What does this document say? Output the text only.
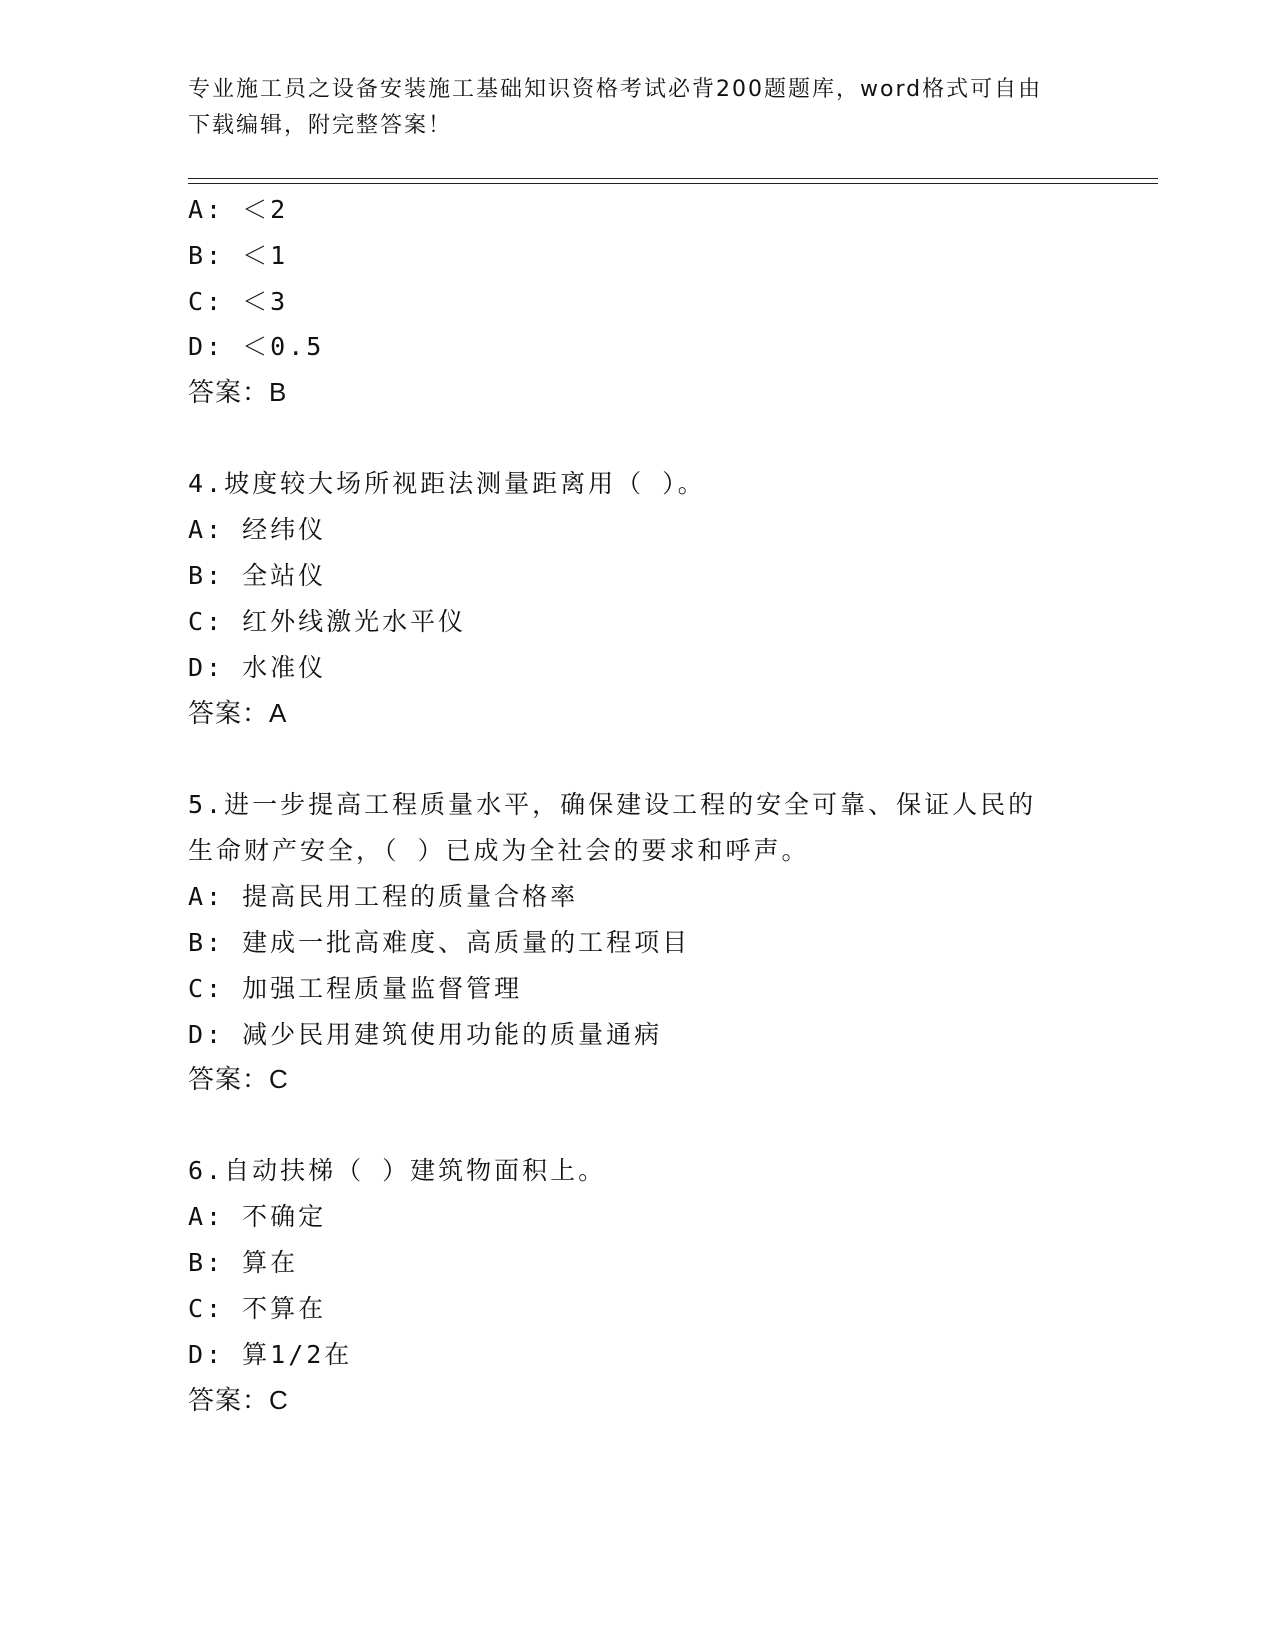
专业施工员之设备安装施工基础知识资格考试必背200题题库，word格式可自由
下载编辑，附完整答案！
A: ＜2
B: ＜1
C: ＜3
D: ＜0.5
答案：B
4.坡度较大场所视距法测量距离用（ ）。
A: 经纬仪
B: 全站仪
C: 红外线激光水平仪
D: 水准仪
答案：A
5.进一步提高工程质量水平，确保建设工程的安全可靠、保证人民的
生命财产安全，（ ）已成为全社会的要求和呼声。
A: 提高民用工程的质量合格率
B: 建成一批高难度、高质量的工程项目
C: 加强工程质量监督管理
D: 减少民用建筑使用功能的质量通病
答案：C
6.自动扶梯（ ）建筑物面积上。
A: 不确定
B: 算在
C: 不算在
D: 算1/2在
答案：C
